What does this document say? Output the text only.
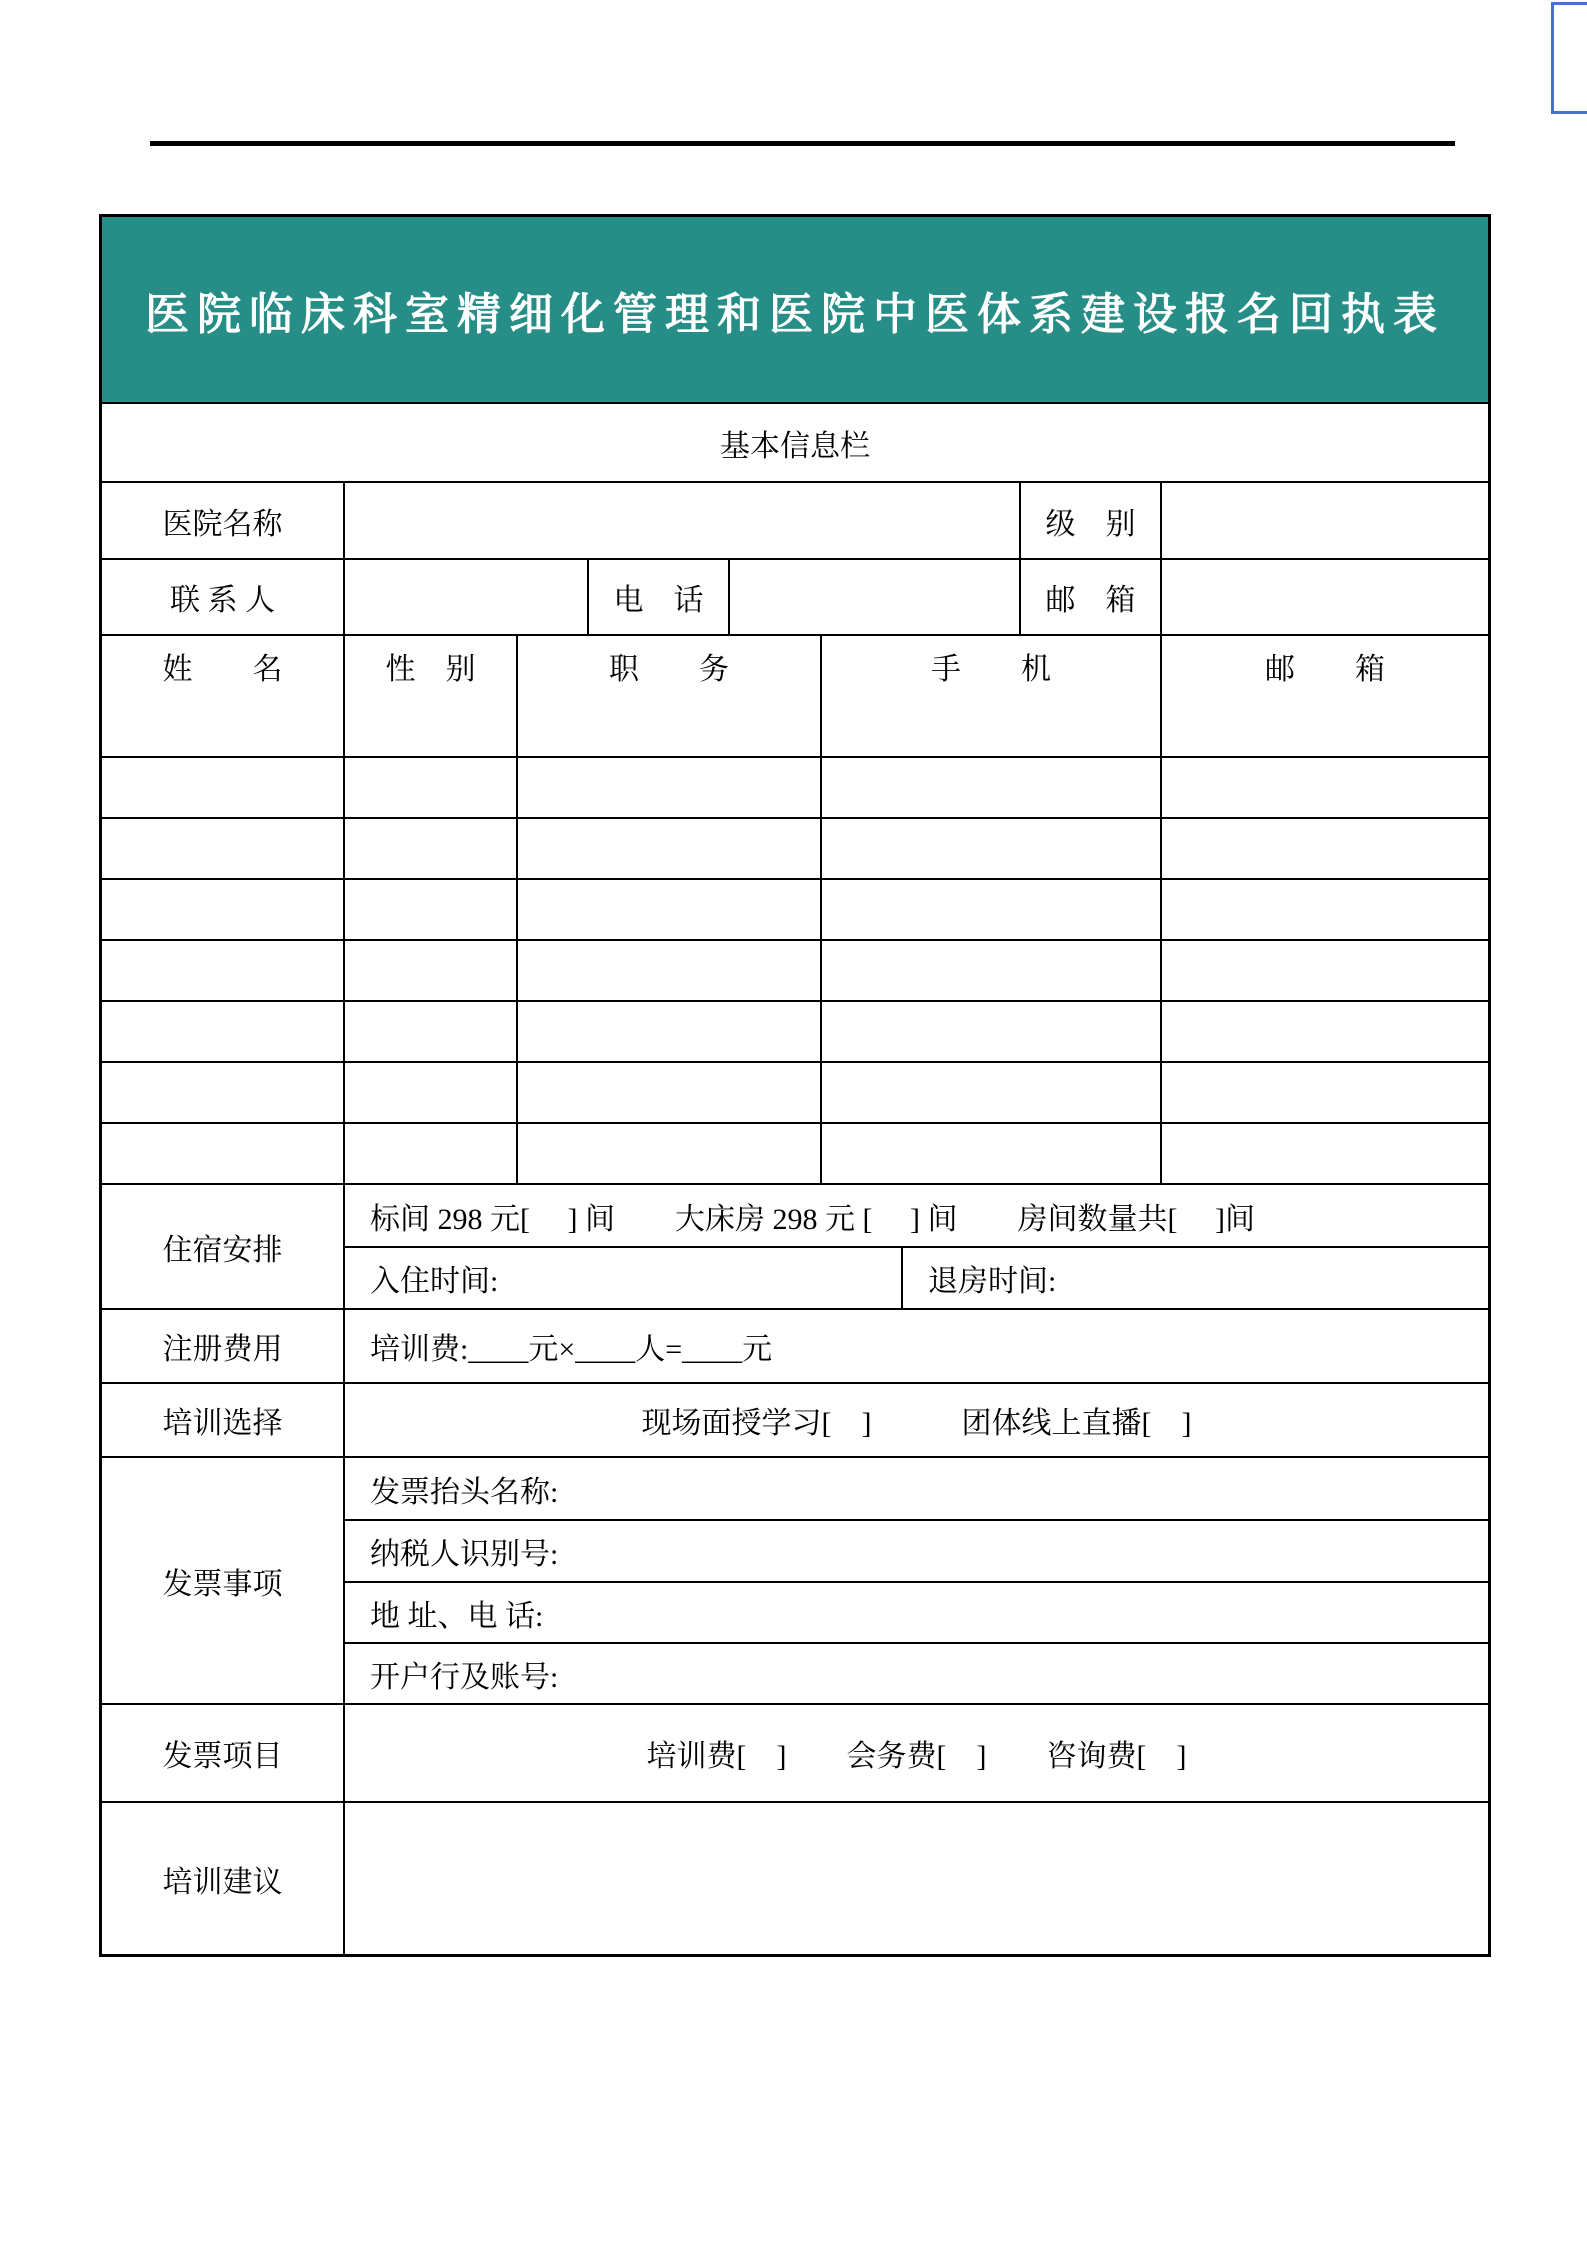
医院临床科室精细化管理和医院中医体系建设报名回执表
基本信息栏
医院名称	级　别
联 系 人	电　话	邮　箱
姓　　名	性　别	职　　务	手　　机	邮　　箱
住宿安排
标间 298 元[　 ] 间　　大床房 298 元 [　 ] 间　　房间数量共[　 ]间
入住时间:	退房时间:
注册费用	培训费:____元×____人=____元
培训选择	现场面授学习[　]　　　团体线上直播[　]
发票事项
发票抬头名称:
纳税人识别号:
地 址、电 话:
开户行及账号:
发票项目	培训费[　]　　会务费[　]　　咨询费[　]
培训建议
